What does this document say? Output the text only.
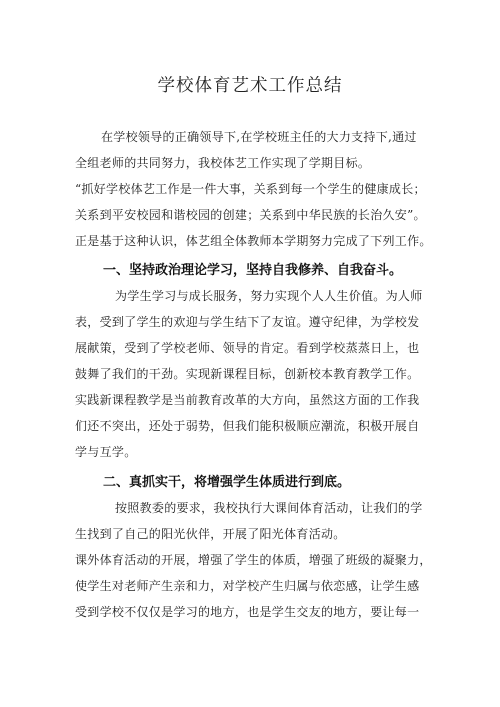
学校体育艺术工作总结
在学校领导的正确领导下,在学校班主任的大力支持下,通过
全组老师的共同努力，我校体艺工作实现了学期目标。
“抓好学校体艺工作是一件大事，关系到每一个学生的健康成长；
关系到平安校园和谐校园的创建；关系到中华民族的长治久安”。
正是基于这种认识，体艺组全体教师本学期努力完成了下列工作。
一、坚持政治理论学习，坚持自我修养、自我奋斗。
为学生学习与成长服务，努力实现个人人生价值。为人师
表，受到了学生的欢迎与学生结下了友谊。遵守纪律，为学校发
展献策，受到了学校老师、领导的肯定。看到学校蒸蒸日上，也
鼓舞了我们的干劲。实现新课程目标，创新校本教育教学工作。
实践新课程教学是当前教育改革的大方向，虽然这方面的工作我
们还不突出，还处于弱势，但我们能积极顺应潮流，积极开展自
学与互学。
二、真抓实干，将增强学生体质进行到底。
按照教委的要求，我校执行大课间体育活动，让我们的学
生找到了自己的阳光伙伴，开展了阳光体育活动。
课外体育活动的开展，增强了学生的体质，增强了班级的凝聚力，
使学生对老师产生亲和力，对学校产生归属与依恋感，让学生感
受到学校不仅仅是学习的地方，也是学生交友的地方，要让每一
